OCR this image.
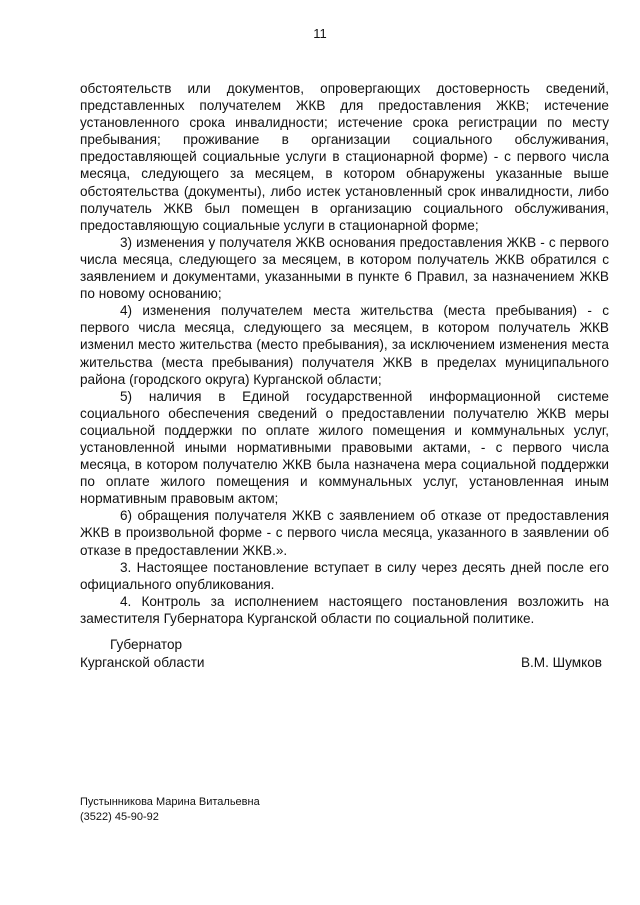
11

обстоятельств или документов, опровергающих достоверность сведений, представленных получателем ЖКВ для предоставления ЖКВ; истечение установленного срока инвалидности; истечение срока регистрации по месту пребывания; проживание в организации социального обслуживания, предоставляющей социальные услуги в стационарной форме) - с первого числа месяца, следующего за месяцем, в котором обнаружены указанные выше обстоятельства (документы), либо истек установленный срок инвалидности, либо получатель ЖКВ был помещен в организацию социального обслуживания, предоставляющую социальные услуги в стационарной форме;

3) изменения у получателя ЖКВ основания предоставления ЖКВ - с первого числа месяца, следующего за месяцем, в котором получатель ЖКВ обратился с заявлением и документами, указанными в пункте 6 Правил, за назначением ЖКВ по новому основанию;

4) изменения получателем места жительства (места пребывания) - с первого числа месяца, следующего за месяцем, в котором получатель ЖКВ изменил место жительства (место пребывания), за исключением изменения места жительства (места пребывания) получателя ЖКВ в пределах муниципального района (городского округа) Курганской области;

5) наличия в Единой государственной информационной системе социального обеспечения сведений о предоставлении получателю ЖКВ меры социальной поддержки по оплате жилого помещения и коммунальных услуг, установленной иными нормативными правовыми актами, - с первого числа месяца, в котором получателю ЖКВ была назначена мера социальной поддержки по оплате жилого помещения и коммунальных услуг, установленная иным нормативным правовым актом;

6) обращения получателя ЖКВ с заявлением об отказе от предоставления ЖКВ в произвольной форме - с первого числа месяца, указанного в заявлении об отказе в предоставлении ЖКВ.».

3. Настоящее постановление вступает в силу через десять дней после его официального опубликования.

4. Контроль за исполнением настоящего постановления возложить на заместителя Губернатора Курганской области по социальной политике.

Губернатор
Курганской области	В.М. Шумков
Пустынникова Марина Витальевна
(3522) 45-90-92
